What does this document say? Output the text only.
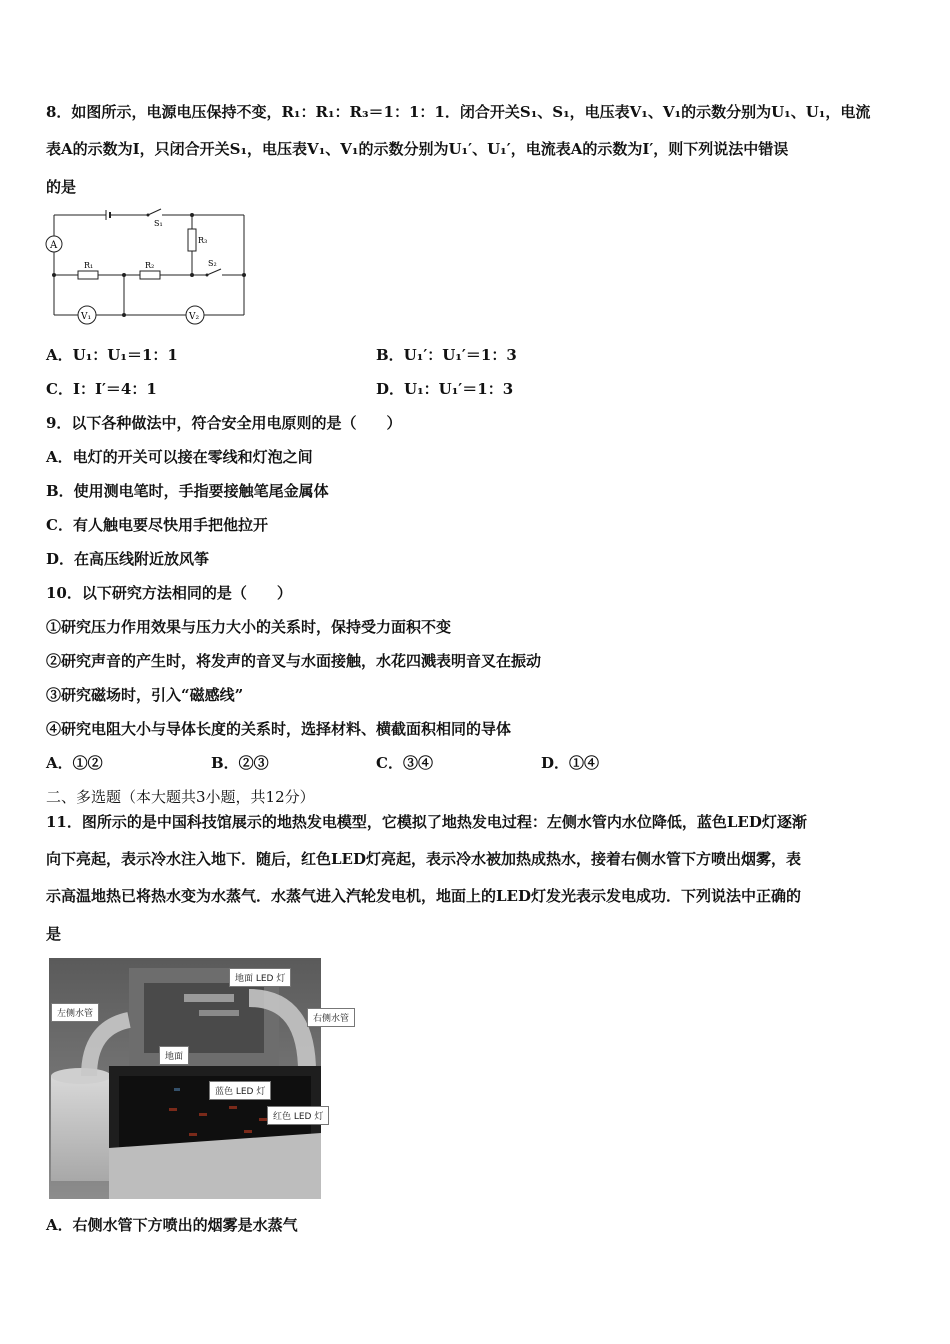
8．如图所示，电源电压保持不变，R₁：R₁：R₃＝1：1：1．闭合开关S₁、S₁，电压表V₁、V₁的示数分别为U₁、U₁，电流
表A的示数为I，只闭合开关S₁，电压表V₁、V₁的示数分别为U₁′、U₁′，电流表A的示数为I′，则下列说法中错误
的是
S₁
S₂
A
R₁	R₂
R₃
V₁	V₂
A．U₁：U₁＝1：1	B．U₁′：U₁′＝1：3
C．I：I′＝4：1	D．U₁：U₁′＝1：3
9．以下各种做法中，符合安全用电原则的是（　　）
A．电灯的开关可以接在零线和灯泡之间
B．使用测电笔时，手指要接触笔尾金属体
C．有人触电要尽快用手把他拉开
D．在高压线附近放风筝
10．以下研究方法相同的是（　　）
①研究压力作用效果与压力大小的关系时，保持受力面积不变
②研究声音的产生时，将发声的音叉与水面接触，水花四溅表明音叉在振动
③研究磁场时，引入“磁感线”
④研究电阻大小与导体长度的关系时，选择材料、横截面积相同的导体
A．①②	B．②③	C．③④	D．①④
二、多选题（本大题共3小题，共12分）
11．图所示的是中国科技馆展示的地热发电模型，它模拟了地热发电过程：左侧水管内水位降低，蓝色LED灯逐渐
向下亮起，表示冷水注入地下．随后，红色LED灯亮起，表示冷水被加热成热水，接着右侧水管下方喷出烟雾，表
示高温地热已将热水变为水蒸气．水蒸气进入汽轮发电机，地面上的LED灯发光表示发电成功．下列说法中正确的
是
地面 LED 灯
左侧水管	右侧水管
地面
蓝色 LED 灯
红色 LED 灯
A．右侧水管下方喷出的烟雾是水蒸气
